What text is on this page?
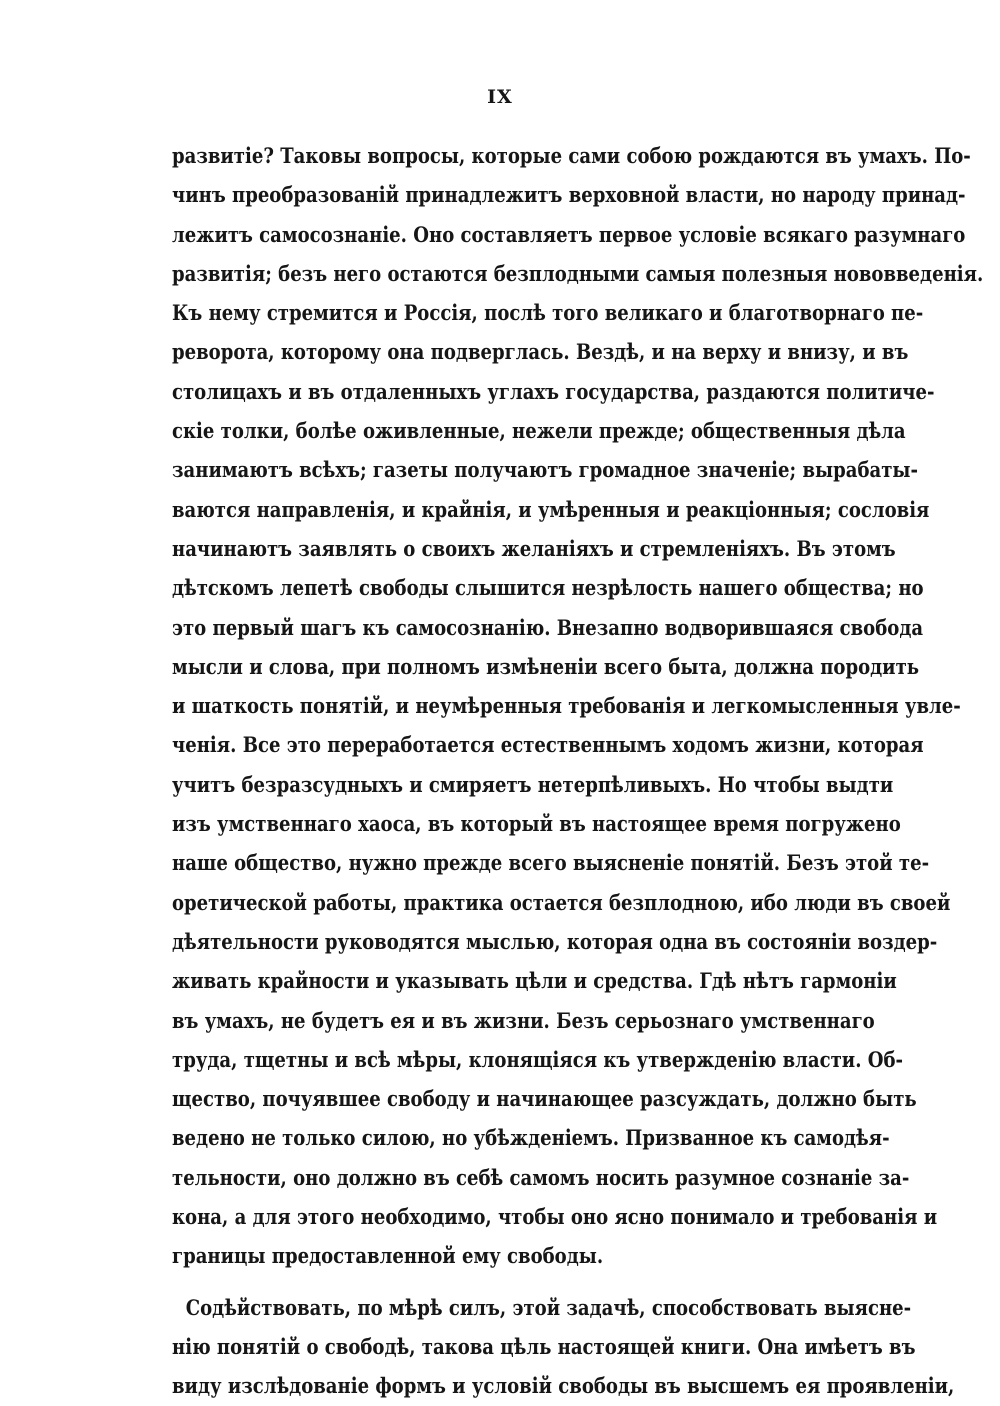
IX
развитіе? Таковы вопросы, которые сами собою рождаются въ умахъ. По-
чинъ преобразованій принадлежитъ верховной власти, но народу принад-
лежитъ самосознаніе. Оно составляетъ первое условіе всякаго разумнаго
развитія; безъ него остаются безплодными самыя полезныя нововведенія.
Къ нему стремится и Россія, послѣ того великаго и благотворнаго пе-
реворота, которому она подверглась. Вездѣ, и на верху и внизу, и въ
столицахъ и въ отдаленныхъ углахъ государства, раздаются политиче-
скіе толки, болѣе оживленные, нежели прежде; общественныя дѣла
занимаютъ всѣхъ; газеты получаютъ громадное значеніе; вырабаты-
ваются направленія, и крайнія, и умѣренныя и реакціонныя; сословія
начинаютъ заявлять о своихъ желаніяхъ и стремленіяхъ. Въ этомъ
дѣтскомъ лепетѣ свободы слышится незрѣлость нашего общества; но
это первый шагъ къ самосознанію. Внезапно водворившаяся свобода
мысли и слова, при полномъ измѣненіи всего быта, должна породить
и шаткость понятій, и неумѣренныя требованія и легкомысленныя увле-
ченія. Все это переработается естественнымъ ходомъ жизни, которая
учитъ безразсудныхъ и смиряетъ нетерпѣливыхъ. Но чтобы выдти
изъ умственнаго хаоса, въ который въ настоящее время погружено
наше общество, нужно прежде всего выясненіе понятій. Безъ этой те-
оретической работы, практика остается безплодною, ибо люди въ своей
дѣятельности руководятся мыслью, которая одна въ состояніи воздер-
живать крайности и указывать цѣли и средства. Гдѣ нѣтъ гармоніи
въ умахъ, не будетъ ея и въ жизни. Безъ серьознаго умственнаго
труда, тщетны и всѣ мѣры, клонящіяся къ утвержденію власти. Об-
щество, почуявшее свободу и начинающее разсуждать, должно быть
ведено не только силою, но убѣжденіемъ. Призванное къ самодѣя-
тельности, оно должно въ себѣ самомъ носить разумное сознаніе за-
кона, а для этого необходимо, чтобы оно ясно понимало и требованія и
границы предоставленной ему свободы.
Содѣйствовать, по мѣрѣ силъ, этой задачѣ, способствовать выясне-
нію понятій о свободѣ, такова цѣль настоящей книги. Она имѣетъ въ
виду изслѣдованіе формъ и условій свободы въ высшемъ ея проявленіи,
